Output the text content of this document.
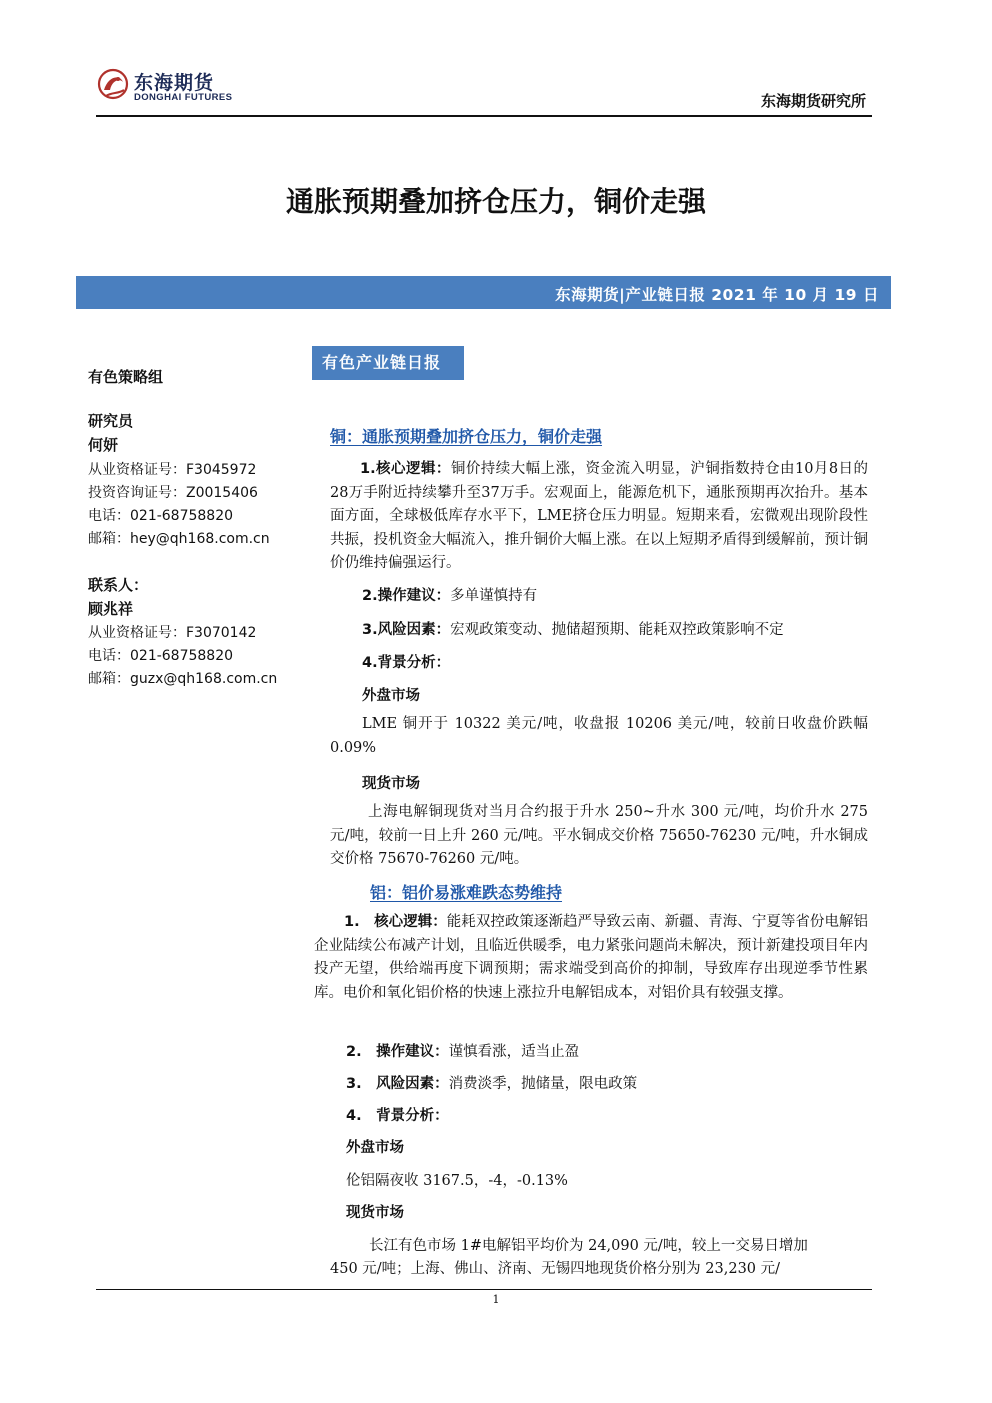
东海期货
DONGHAI FUTURES	东海期货研究所
通胀预期叠加挤仓压力，铜价走强
东海期货|产业链日报 2021 年 10 月 19 日
有色策略组
研究员
何妍
从业资格证号：F3045972
投资咨询证号：Z0015406
电话：021-68758820
邮箱：hey@qh168.com.cn
联系人：
顾兆祥
从业资格证号：F3070142
电话：021-68758820
邮箱：guzx@qh168.com.cn
有色产业链日报
铜：通胀预期叠加挤仓压力，铜价走强
1.核心逻辑：铜价持续大幅上涨，资金流入明显，沪铜指数持仓由10月8日的28万手附近持续攀升至37万手。宏观面上，能源危机下，通胀预期再次抬升。基本面方面，全球极低库存水平下，LME挤仓压力明显。短期来看，宏微观出现阶段性共振，投机资金大幅流入，推升铜价大幅上涨。在以上短期矛盾得到缓解前，预计铜价仍维持偏强运行。
2.操作建议：多单谨慎持有
3.风险因素：宏观政策变动、抛储超预期、能耗双控政策影响不定
4.背景分析：
外盘市场
LME 铜开于 10322 美元/吨，收盘报 10206 美元/吨，较前日收盘价跌幅 0.09%
现货市场
上海电解铜现货对当月合约报于升水 250~升水 300 元/吨，均价升水 275 元/吨，较前一日上升 260 元/吨。平水铜成交价格 75650-76230 元/吨，升水铜成交价格 75670-76260 元/吨。
铝：铝价易涨难跌态势维持
1.　核心逻辑：能耗双控政策逐渐趋严导致云南、新疆、青海、宁夏等省份电解铝企业陆续公布减产计划，且临近供暖季，电力紧张问题尚未解决，预计新建投项目年内投产无望，供给端再度下调预期；需求端受到高价的抑制，导致库存出现逆季节性累库。电价和氧化铝价格的快速上涨拉升电解铝成本，对铝价具有较强支撑。
2.　操作建议：谨慎看涨，适当止盈
3.　风险因素：消费淡季，抛储量，限电政策
4.　背景分析：
外盘市场
伦铝隔夜收 3167.5，-4，-0.13%
现货市场
长江有色市场 1#电解铝平均价为 24,090 元/吨，较上一交易日增加
450 元/吨；上海、佛山、济南、无锡四地现货价格分别为 23,230 元/
1
